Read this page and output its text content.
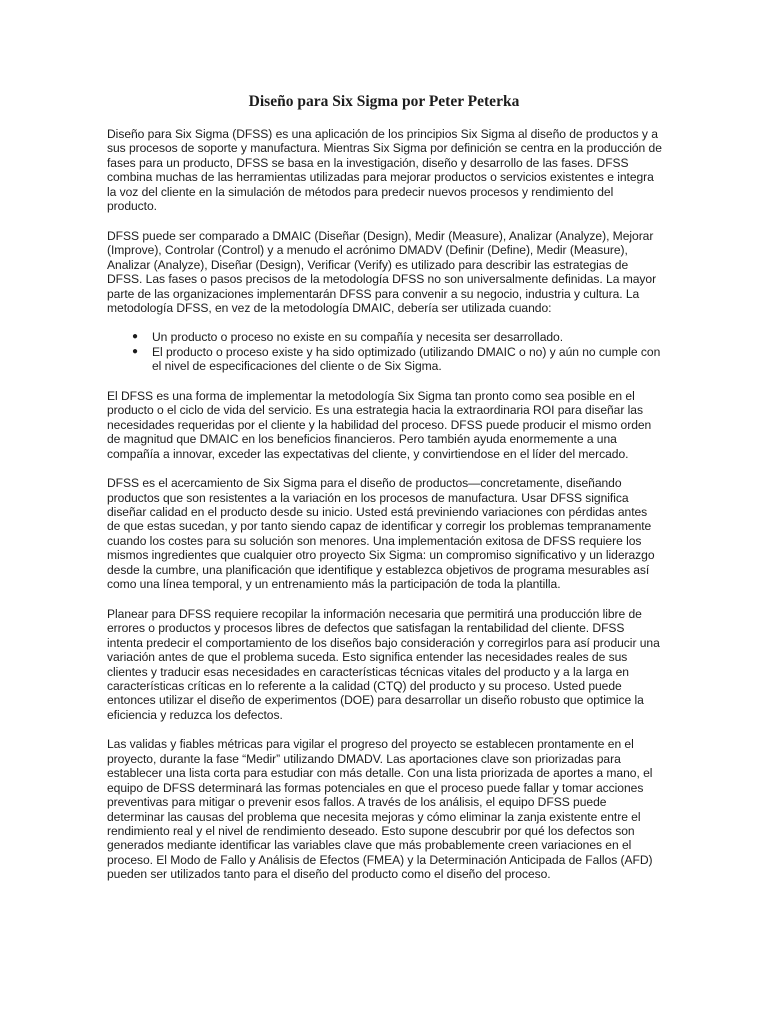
Diseño para Six Sigma por Peter Peterka

Diseño para Six Sigma (DFSS) es una aplicación de los principios Six Sigma al diseño de productos y a sus procesos de soporte y manufactura. Mientras Six Sigma por definición se centra en la producción de fases para un producto, DFSS se basa en la investigación, diseño y desarrollo de las fases. DFSS combina muchas de las herramientas utilizadas para mejorar productos o servicios existentes e integra la voz del cliente en la simulación de métodos para predecir nuevos procesos y rendimiento del producto.

DFSS puede ser comparado a DMAIC (Diseñar (Design), Medir (Measure), Analizar (Analyze), Mejorar (Improve), Controlar (Control) y a menudo el acrónimo DMADV (Definir (Define), Medir (Measure), Analizar (Analyze), Diseñar (Design), Verificar (Verify) es utilizado para describir las estrategias de DFSS. Las fases o pasos precisos de la metodología DFSS no son universalmente definidas. La mayor parte de las organizaciones implementarán DFSS para convenir a su negocio, industria y cultura. La metodología DFSS, en vez de la metodología DMAIC, debería ser utilizada cuando:

● Un producto o proceso no existe en su compañía y necesita ser desarrollado.
● El producto o proceso existe y ha sido optimizado (utilizando DMAIC o no) y aún no cumple con el nivel de especificaciones del cliente o de Six Sigma.

El DFSS es una forma de implementar la metodología Six Sigma tan pronto como sea posible en el producto o el ciclo de vida del servicio. Es una estrategia hacia la extraordinaria ROI para diseñar las necesidades requeridas por el cliente y la habilidad del proceso. DFSS puede producir el mismo orden de magnitud que DMAIC en los beneficios financieros. Pero también ayuda enormemente a una compañía a innovar, exceder las expectativas del cliente, y convirtiendose en el líder del mercado.

DFSS es el acercamiento de Six Sigma para el diseño de productos—concretamente, diseñando productos que son resistentes a la variación en los procesos de manufactura. Usar DFSS significa diseñar calidad en el producto desde su inicio. Usted está previniendo variaciones con pérdidas antes de que estas sucedan, y por tanto siendo capaz de identificar y corregir los problemas tempranamente cuando los costes para su solución son menores. Una implementación exitosa de DFSS requiere los mismos ingredientes que cualquier otro proyecto Six Sigma: un compromiso significativo y un liderazgo desde la cumbre, una planificación que identifique y establezca objetivos de programa mesurables así como una línea temporal, y un entrenamiento más la participación de toda la plantilla.

Planear para DFSS requiere recopilar la información necesaria que permitirá una producción libre de errores o productos y procesos libres de defectos que satisfagan la rentabilidad del cliente. DFSS intenta predecir el comportamiento de los diseños bajo consideración y corregirlos para así producir una variación antes de que el problema suceda. Esto significa entender las necesidades reales de sus clientes y traducir esas necesidades en características técnicas vitales del producto y a la larga en características críticas en lo referente a la calidad (CTQ) del producto y su proceso. Usted puede entonces utilizar el diseño de experimentos (DOE) para desarrollar un diseño robusto que optimice la eficiencia y reduzca los defectos.

Las validas y fiables métricas para vigilar el progreso del proyecto se establecen prontamente en el proyecto, durante la fase “Medir” utilizando DMADV. Las aportaciones clave son priorizadas para establecer una lista corta para estudiar con más detalle. Con una lista priorizada de aportes a mano, el equipo de DFSS determinará las formas potenciales en que el proceso puede fallar y tomar acciones preventivas para mitigar o prevenir esos fallos. A través de los análisis, el equipo DFSS puede determinar las causas del problema que necesita mejoras y cómo eliminar la zanja existente entre el rendimiento real y el nivel de rendimiento deseado. Esto supone descubrir por qué los defectos son generados mediante identificar las variables clave que más probablemente creen variaciones en el proceso. El Modo de Fallo y Análisis de Efectos (FMEA) y la Determinación Anticipada de Fallos (AFD) pueden ser utilizados tanto para el diseño del producto como el diseño del proceso.
